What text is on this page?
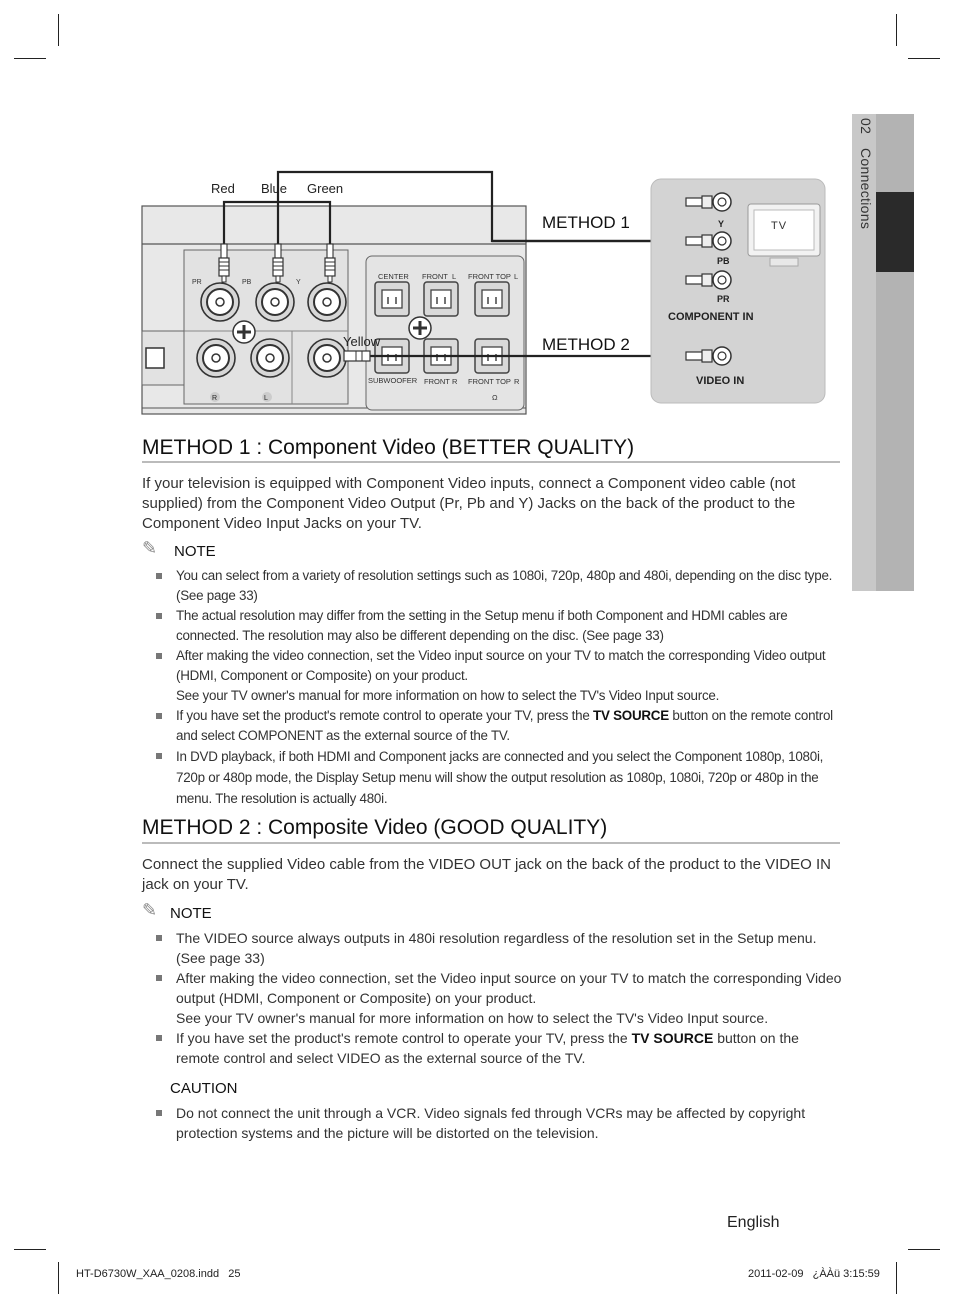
02 Connections
PR	PB	Y
R	L
CENTER FRONT L FRONT TOP L
SUBWOOFER FRONT R FRONT TOP R
Ω
Red Blue Green
Yellow
METHOD 1
METHOD 2
TV
Y
PB
PR
COMPONENT IN
VIDEO IN
METHOD 1 : Component Video (BETTER QUALITY)

If your television is equipped with Component Video inputs, connect a Component video cable (not supplied) from the Component Video Output (Pr, Pb and Y) Jacks on the back of the product to the Component Video Input Jacks on your TV.

✎ NOTE
You can select from a variety of resolution settings such as 1080i, 720p, 480p and 480i, depending on the disc type. (See page 33)
The actual resolution may differ from the setting in the Setup menu if both Component and HDMI cables are connected. The resolution may also be different depending on the disc. (See page 33)
After making the video connection, set the Video input source on your TV to match the corresponding Video output (HDMI, Component or Composite) on your product.
See your TV owner's manual for more information on how to select the TV's Video Input source.
If you have set the product's remote control to operate your TV, press the TV SOURCE button on the remote control and select COMPONENT as the external source of the TV.
In DVD playback, if both HDMI and Component jacks are connected and you select the Component 1080p, 1080i, 720p or 480p mode, the Display Setup menu will show the output resolution as 1080p, 1080i, 720p or 480p in the menu. The resolution is actually 480i.
METHOD 2 : Composite Video (GOOD QUALITY)

Connect the supplied Video cable from the VIDEO OUT jack on the back of the product to the VIDEO IN jack on your TV.

✎ NOTE
The VIDEO source always outputs in 480i resolution regardless of the resolution set in the Setup menu. (See page 33)
After making the video connection, set the Video input source on your TV to match the corresponding Video output (HDMI, Component or Composite) on your product.
See your TV owner's manual for more information on how to select the TV's Video Input source.
If you have set the product's remote control to operate your TV, press the TV SOURCE button on the remote control and select VIDEO as the external source of the TV.
CAUTION
Do not connect the unit through a VCR. Video signals fed through VCRs may be affected by copyright protection systems and the picture will be distorted on the television.
English
HT-D6730W_XAA_0208.indd   25	2011-02-09   ¿ÀÀü 3:15:59
